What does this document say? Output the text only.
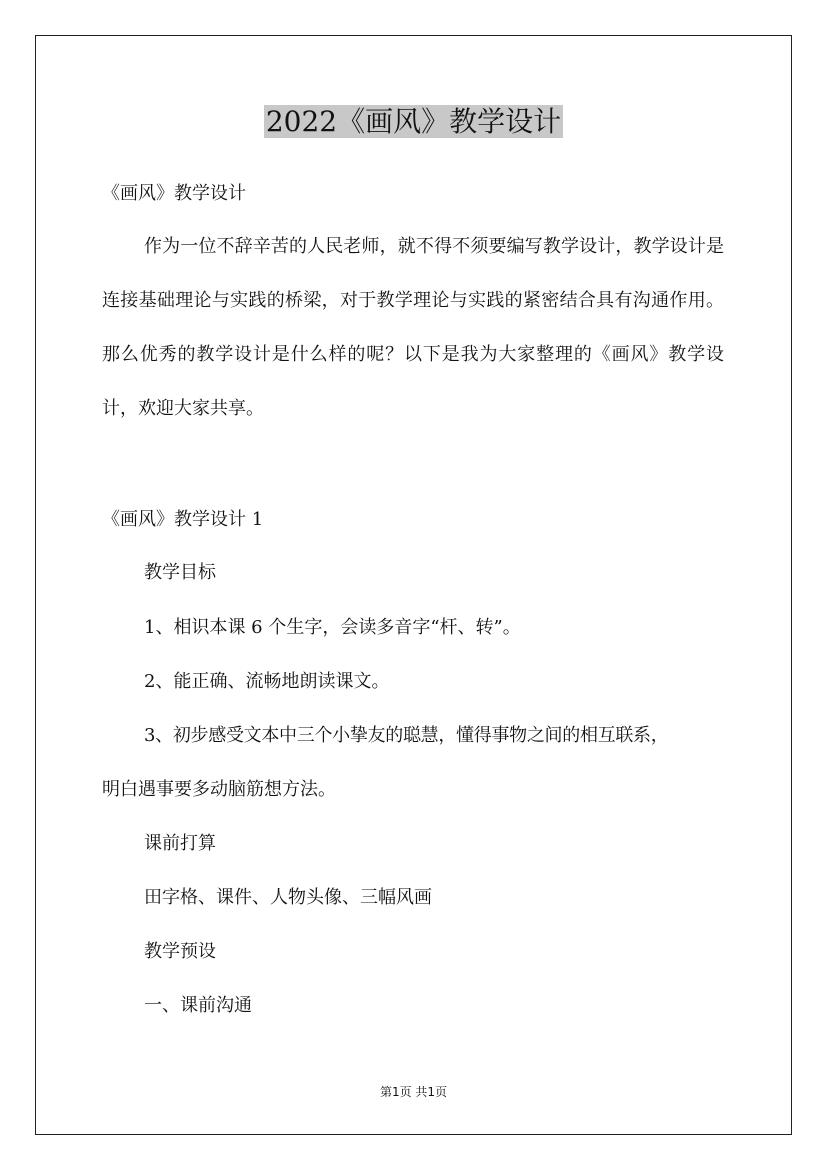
2022《画风》教学设计
《画风》教学设计
作为一位不辞辛苦的人民老师，就不得不须要编写教学设计，教学设计是连接基础理论与实践的桥梁，对于教学理论与实践的紧密结合具有沟通作用。那么优秀的教学设计是什么样的呢？以下是我为大家整理的《画风》教学设计，欢迎大家共享。
《画风》教学设计 1
教学目标
1、相识本课 6 个生字，会读多音字“杆、转”。
2、能正确、流畅地朗读课文。
3、初步感受文本中三个小挚友的聪慧，懂得事物之间的相互联系，
明白遇事要多动脑筋想方法。
课前打算
田字格、课件、人物头像、三幅风画
教学预设
一、课前沟通
第1页 共1页
